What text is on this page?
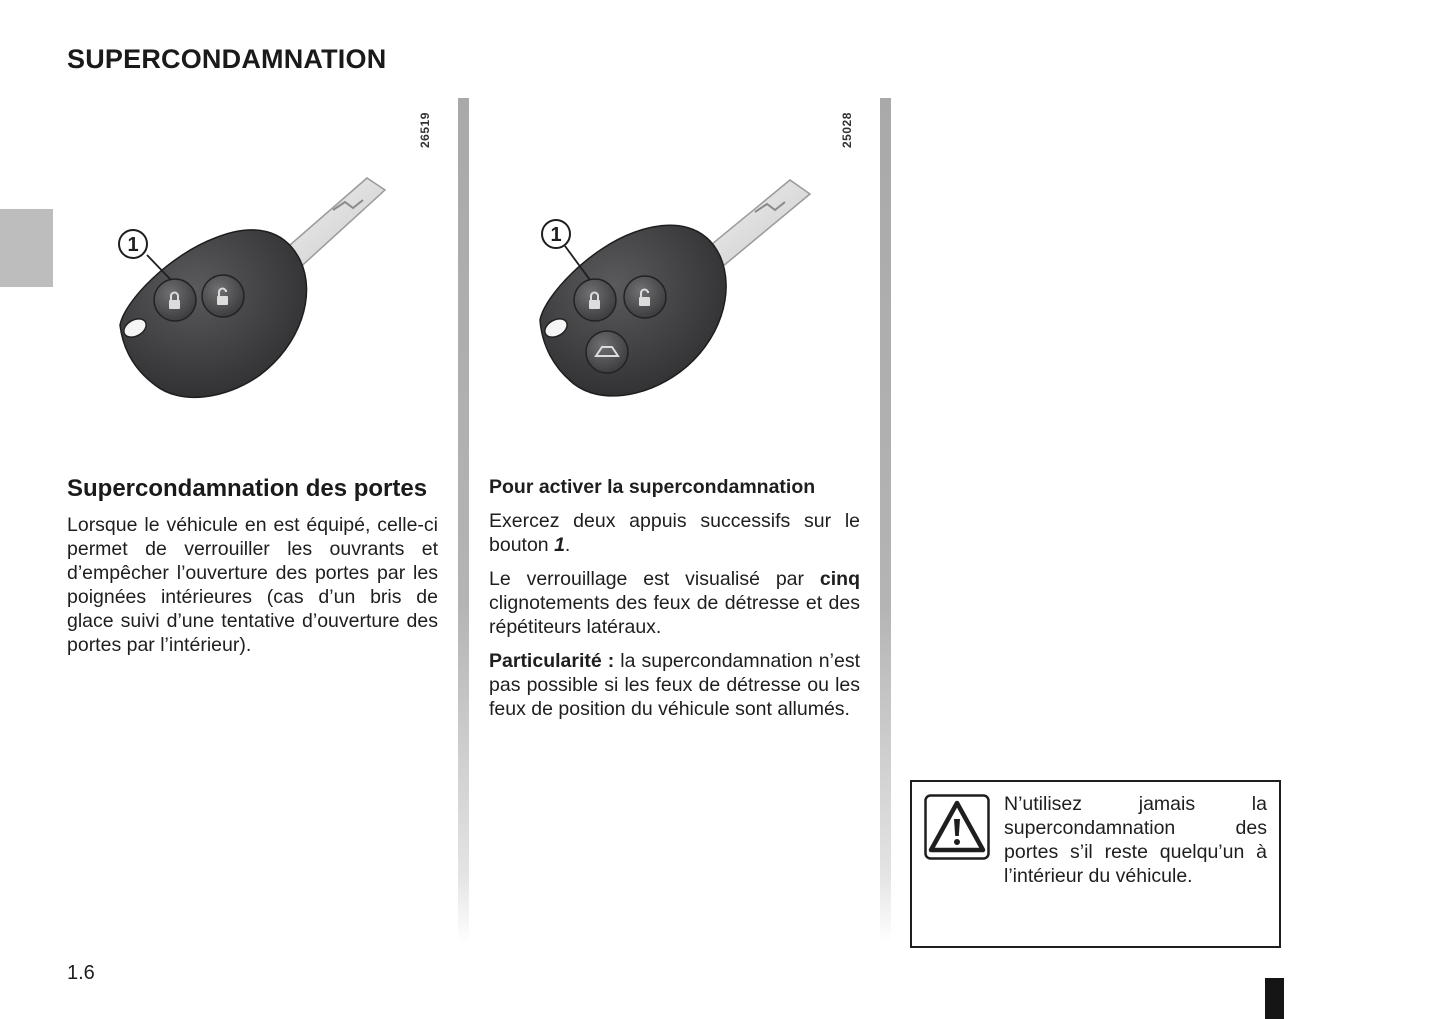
SUPERCONDAMNATION
26519
1
25028
1
Supercondamnation des portes
Lorsque le véhicule en est équipé, celle-ci permet de verrouiller les ouvrants et d’empêcher l’ouverture des portes par les poignées intérieures (cas d’un bris de glace suivi d’une tentative d’ouverture des portes par l’intérieur).
Pour activer la supercondamnation
Exercez deux appuis successifs sur le bouton 1.
Le verrouillage est visualisé par cinq clignotements des feux de détresse et des répétiteurs latéraux.
Particularité : la supercondamnation n’est pas possible si les feux de détresse ou les feux de position du véhicule sont allumés.
N’utilisez jamais la supercondamnation des portes s’il reste quelqu’un à l’intérieur du véhicule.
1.6
